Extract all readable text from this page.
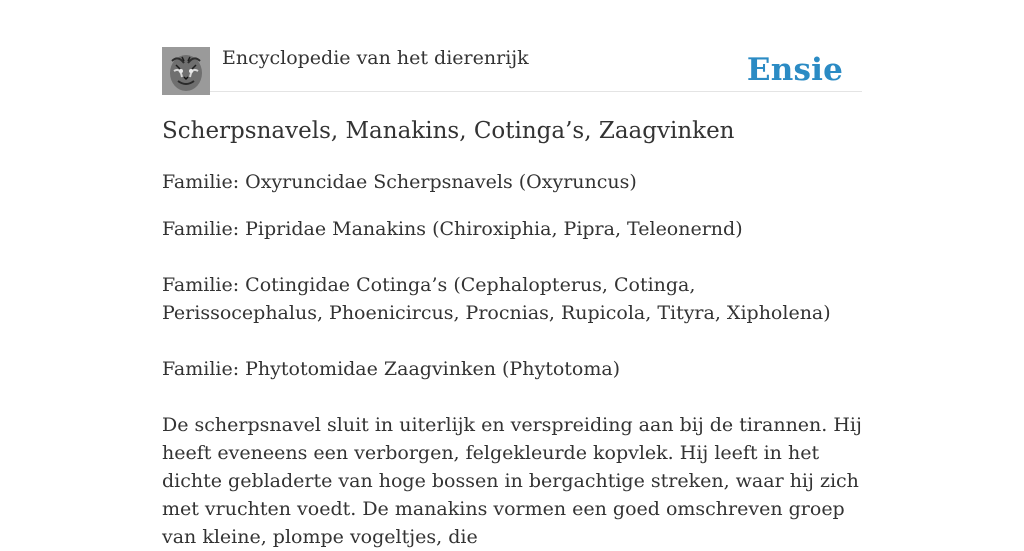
Encyclopedie van het dierenrijk	Ensie
Scherpsnavels, Manakins, Cotinga’s, Zaagvinken

Familie: Oxyruncidae Scherpsnavels (Oxyruncus)

Familie: Pipridae Manakins (Chiroxiphia, Pipra, Teleonernd)

Familie: Cotingidae Cotinga’s (Cephalopterus, Cotinga, Perissocephalus, Phoenicircus, Procnias, Rupicola, Tityra, Xipholena)

Familie: Phytotomidae Zaagvinken (Phytotoma)

De scherpsnavel sluit in uiterlijk en verspreiding aan bij de tirannen. Hij heeft eveneens een verborgen, felgekleurde kopvlek. Hij leeft in het dichte gebladerte van hoge bossen in bergachtige streken, waar hij zich met vruchten voedt. De manakins vormen een goed omschreven groep van kleine, plompe vogeltjes, die
